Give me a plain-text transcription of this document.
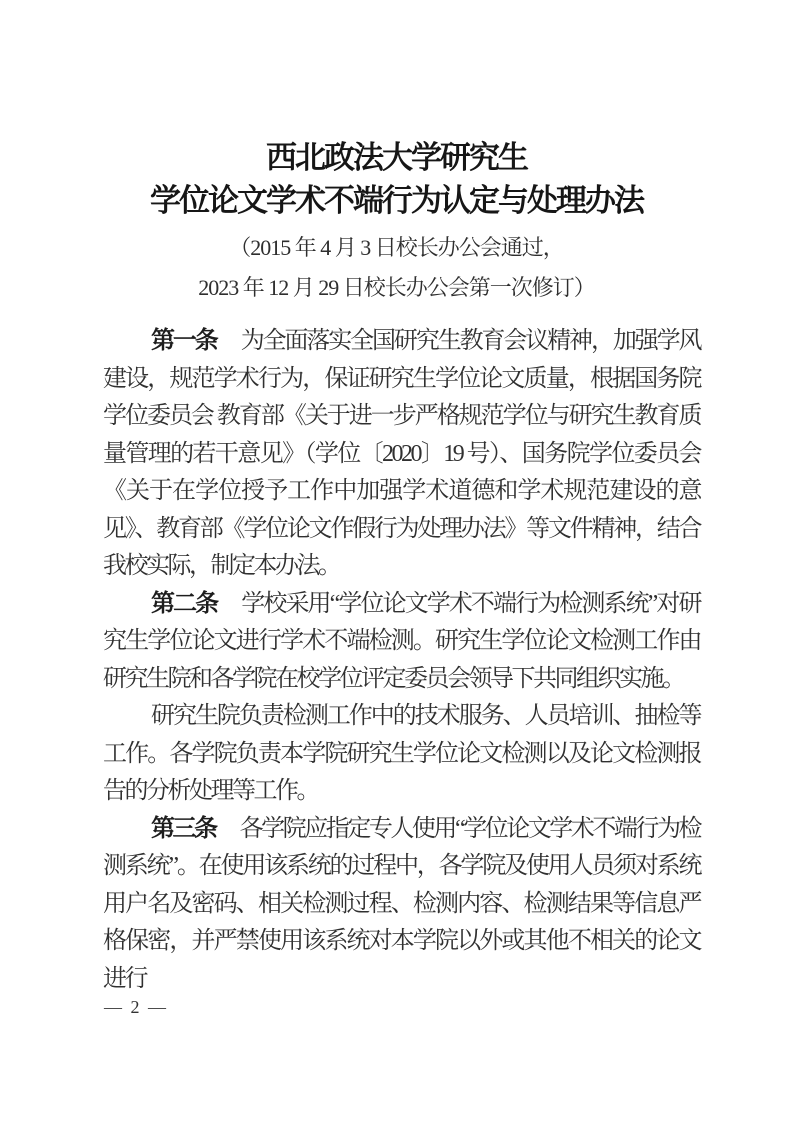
西北政法大学研究生
学位论文学术不端行为认定与处理办法
（2015 年 4 月 3 日校长办公会通过，
2023 年 12 月 29 日校长办公会第一次修订）

第一条 为全面落实全国研究生教育会议精神，加强学风建设，规范学术行为，保证研究生学位论文质量，根据国务院学位委员会 教育部《关于进一步严格规范学位与研究生教育质量管理的若干意见》（学位〔2020〕19 号）、国务院学位委员会《关于在学位授予工作中加强学术道德和学术规范建设的意见》、教育部《学位论文作假行为处理办法》等文件精神，结合我校实际，制定本办法。

第二条 学校采用“学位论文学术不端行为检测系统”对研究生学位论文进行学术不端检测。研究生学位论文检测工作由研究生院和各学院在校学位评定委员会领导下共同组织实施。

研究生院负责检测工作中的技术服务、人员培训、抽检等工作。各学院负责本学院研究生学位论文检测以及论文检测报告的分析处理等工作。

第三条 各学院应指定专人使用“学位论文学术不端行为检测系统”。在使用该系统的过程中，各学院及使用人员须对系统用户名及密码、相关检测过程、检测内容、检测结果等信息严格保密，并严禁使用该系统对本学院以外或其他不相关的论文进行

— 2 —
